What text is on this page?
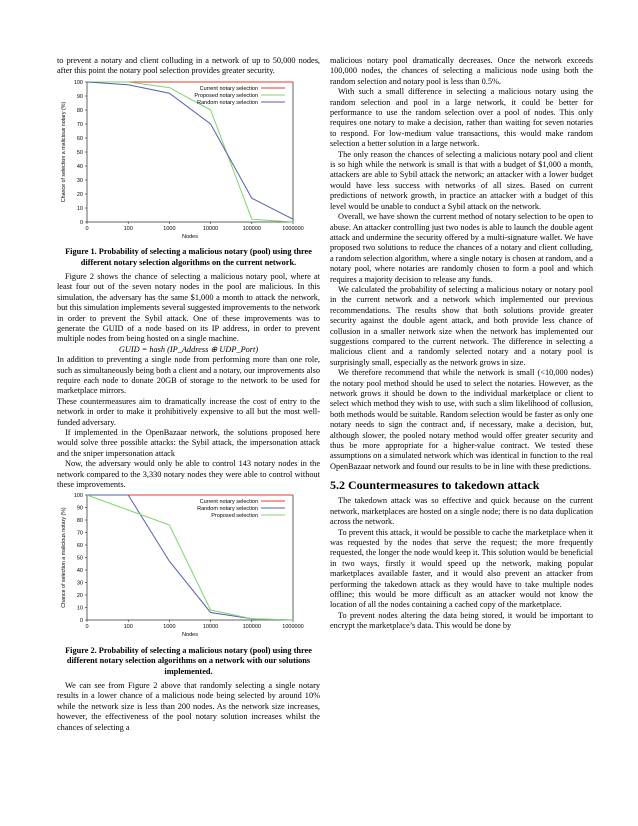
to prevent a notary and client colluding in a network of up to 50,000 nodes, after this point the notary pool selection provides greater security.

0
10
20
30
40
50
60
70
80
90
100
0	100	1000	10000	100000	1000000
Nodes
Chance of selection a malicious notary (%)
Current notary selection
Proposed notary selection
Random notary selection
Figure 1. Probability of selecting a malicious notary (pool) using three different notary selection algorithms on the current network.

Figure 2 shows the chance of selecting a malicious notary pool, where at least four out of the seven notary nodes in the pool are malicious. In this simulation, the adversary has the same $1,000 a month to attack the network, but this simulation implements several suggested improvements to the network in order to prevent the Sybil attack. One of these improvements was to generate the GUID of a node based on its IP address, in order to prevent multiple nodes from being hosted on a single machine.

GUID = hash (IP_Address ⊕ UDP_Port)

In addition to preventing a single node from performing more than one role, such as simultaneously being both a client and a notary, our improvements also require each node to donate 20GB of storage to the network to be used for marketplace mirrors.

These countermeasures aim to dramatically increase the cost of entry to the network in order to make it prohibitively expensive to all but the most well-funded adversary.

If implemented in the OpenBazaar network, the solutions proposed here would solve three possible attacks: the Sybil attack, the impersonation attack and the sniper impersonation attack

Now, the adversary would only be able to control 143 notary nodes in the network compared to the 3,330 notary nodes they were able to control without these improvements.

0
10
20
30
40
50
60
70
80
90
100
0	100	1000	10000	100000	1000000
Nodes
Chance of selection a malicious notary (%)
Current notary selection
Random notary selection
Proposed selection
Figure 2. Probability of selecting a malicious notary (pool) using three different notary selection algorithms on a network with our solutions implemented.

We can see from Figure 2 above that randomly selecting a single notary results in a lower chance of a malicious node being selected by around 10% while the network size is less than 200 nodes. As the network size increases, however, the effectiveness of the pool notary solution increases whilst the chances of selecting a

malicious notary pool dramatically decreases. Once the network exceeds 100,000 nodes, the chances of selecting a malicious node using both the random selection and notary pool is less than 0.5%.

With such a small difference in selecting a malicious notary using the random selection and pool in a large network, it could be better for performance to use the random selection over a pool of nodes. This only requires one notary to make a decision, rather than waiting for seven notaries to respond. For low-medium value transactions, this would make random selection a better solution in a large network.

The only reason the chances of selecting a malicious notary pool and client is so high while the network is small is that with a budget of $1,000 a month, attackers are able to Sybil attack the network; an attacker with a lower budget would have less success with networks of all sizes. Based on current predictions of network growth, in practice an attacker with a budget of this level would be unable to conduct a Sybil attack on the network.

Overall, we have shown the current method of notary selection to be open to abuse. An attacker controlling just two nodes is able to launch the double agent attack and undermine the security offered by a multi-signature wallet. We have proposed two solutions to reduce the chances of a notary and client colluding, a random selection algorithm, where a single notary is chosen at random, and a notary pool, where notaries are randomly chosen to form a pool and which requires a majority decision to release any funds.

We calculated the probability of selecting a malicious notary or notary pool in the current network and a network which implemented our previous recommendations. The results show that both solutions provide greater security against the double agent attack, and both provide less chance of collusion in a smaller network size when the network has implemented our suggestions compared to the current network. The difference in selecting a malicious client and a randomly selected notary and a notary pool is surprisingly small, especially as the network grows in size.

We therefore recommend that while the network is small (<10,000 nodes) the notary pool method should be used to select the notaries. However, as the network grows it should be down to the individual marketplace or client to select which method they wish to use, with such a slim likelihood of collusion, both methods would be suitable. Random selection would be faster as only one notary needs to sign the contract and, if necessary, make a decision, but, although slower, the pooled notary method would offer greater security and thus be more appropriate for a higher-value contract. We tested these assumptions on a simulated network which was identical in function to the real OpenBazaar network and found our results to be in line with these predictions.

5.2 Countermeasures to takedown attack

The takedown attack was so effective and quick because on the current network, marketplaces are hosted on a single node; there is no data duplication across the network.

To prevent this attack, it would be possible to cache the marketplace when it was requested by the nodes that serve the request; the more frequently requested, the longer the node would keep it. This solution would be beneficial in two ways, firstly it would speed up the network, making popular marketplaces available faster, and it would also prevent an attacker from performing the takedown attack as they would have to take multiple nodes offline; this would be more difficult as an attacker would not know the location of all the nodes containing a cached copy of the marketplace.

To prevent nodes altering the data being stored, it would be important to encrypt the marketplace’s data. This would be done by
